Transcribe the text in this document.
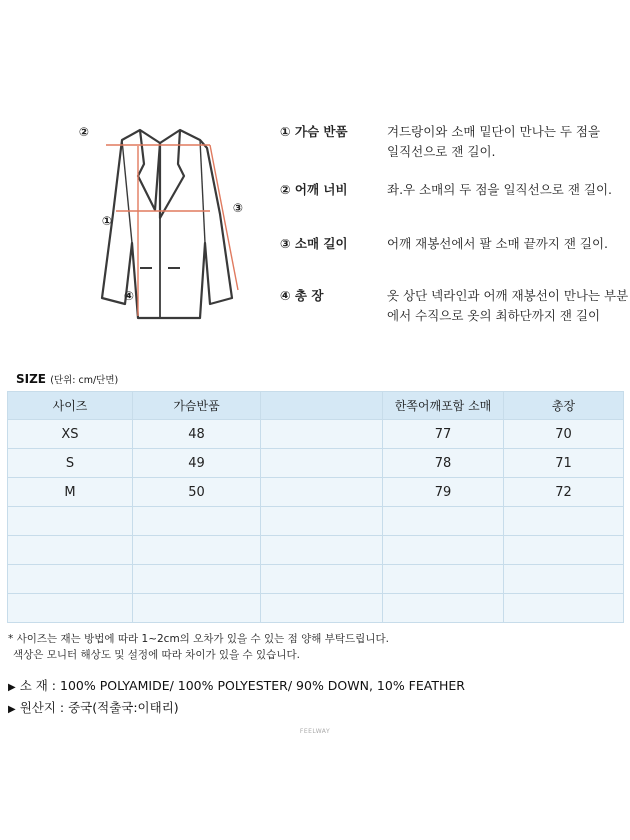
①
②
③
④
① 가슴 반품	겨드랑이와 소매 밑단이 만나는 두 점을
일직선으로 잰 길이.
② 어깨 너비	좌.우 소매의 두 점을 일직선으로 잰 길이.
③ 소매 길이	어깨 재봉선에서 팔 소매 끝까지 잰 길이.
④ 총 장	옷 상단 넥라인과 어깨 재봉선이 만나는 부분
에서 수직으로 옷의 최하단까지 잰 길이
SIZE (단위: cm/단면)
사이즈	가슴반품		한쪽어깨포함 소매	총장
XS	48		77	70
S	49		78	71
M	50		79	72

* 사이즈는 재는 방법에 따라 1~2cm의 오차가 있을 수 있는 점 양해 부탁드립니다.
색상은 모니터 해상도 및 설정에 따라 차이가 있을 수 있습니다.
▶ 소 재 : 100% POLYAMIDE/ 100% POLYESTER/ 90% DOWN, 10% FEATHER
▶ 원산지 : 중국(적출국:이태리)
FEELWAY
